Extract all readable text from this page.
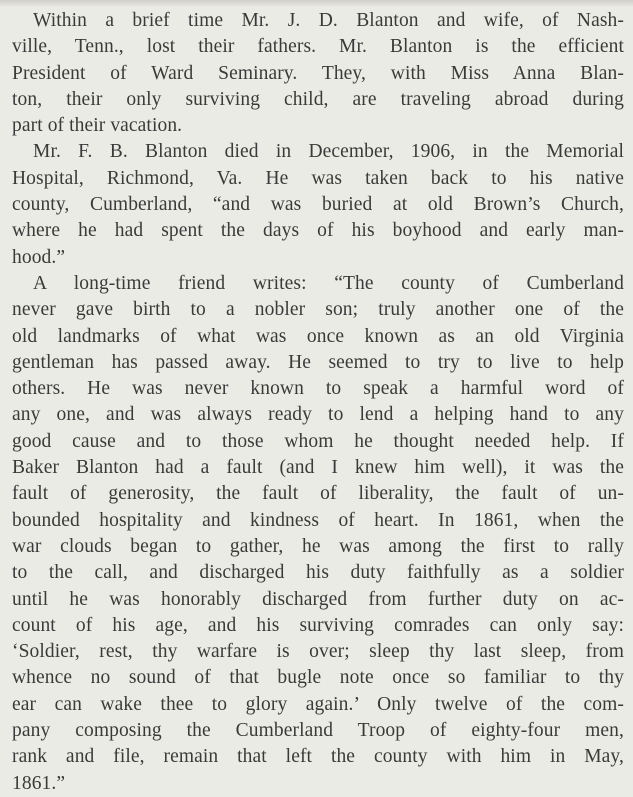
Within a brief time Mr. J. D. Blanton and wife, of Nash-
ville, Tenn., lost their fathers. Mr. Blanton is the efficient
President of Ward Seminary. They, with Miss Anna Blan-
ton, their only surviving child, are traveling abroad during
part of their vacation.
Mr. F. B. Blanton died in December, 1906, in the Memorial
Hospital, Richmond, Va. He was taken back to his native
county, Cumberland, “and was buried at old Brown’s Church,
where he had spent the days of his boyhood and early man-
hood.”
A long-time friend writes: “The county of Cumberland
never gave birth to a nobler son; truly another one of the
old landmarks of what was once known as an old Virginia
gentleman has passed away. He seemed to try to live to help
others. He was never known to speak a harmful word of
any one, and was always ready to lend a helping hand to any
good cause and to those whom he thought needed help. If
Baker Blanton had a fault (and I knew him well), it was the
fault of generosity, the fault of liberality, the fault of un-
bounded hospitality and kindness of heart. In 1861, when the
war clouds began to gather, he was among the first to rally
to the call, and discharged his duty faithfully as a soldier
until he was honorably discharged from further duty on ac-
count of his age, and his surviving comrades can only say:
‘Soldier, rest, thy warfare is over; sleep thy last sleep, from
whence no sound of that bugle note once so familiar to thy
ear can wake thee to glory again.’ Only twelve of the com-
pany composing the Cumberland Troop of eighty-four men,
rank and file, remain that left the county with him in May,
1861.”
